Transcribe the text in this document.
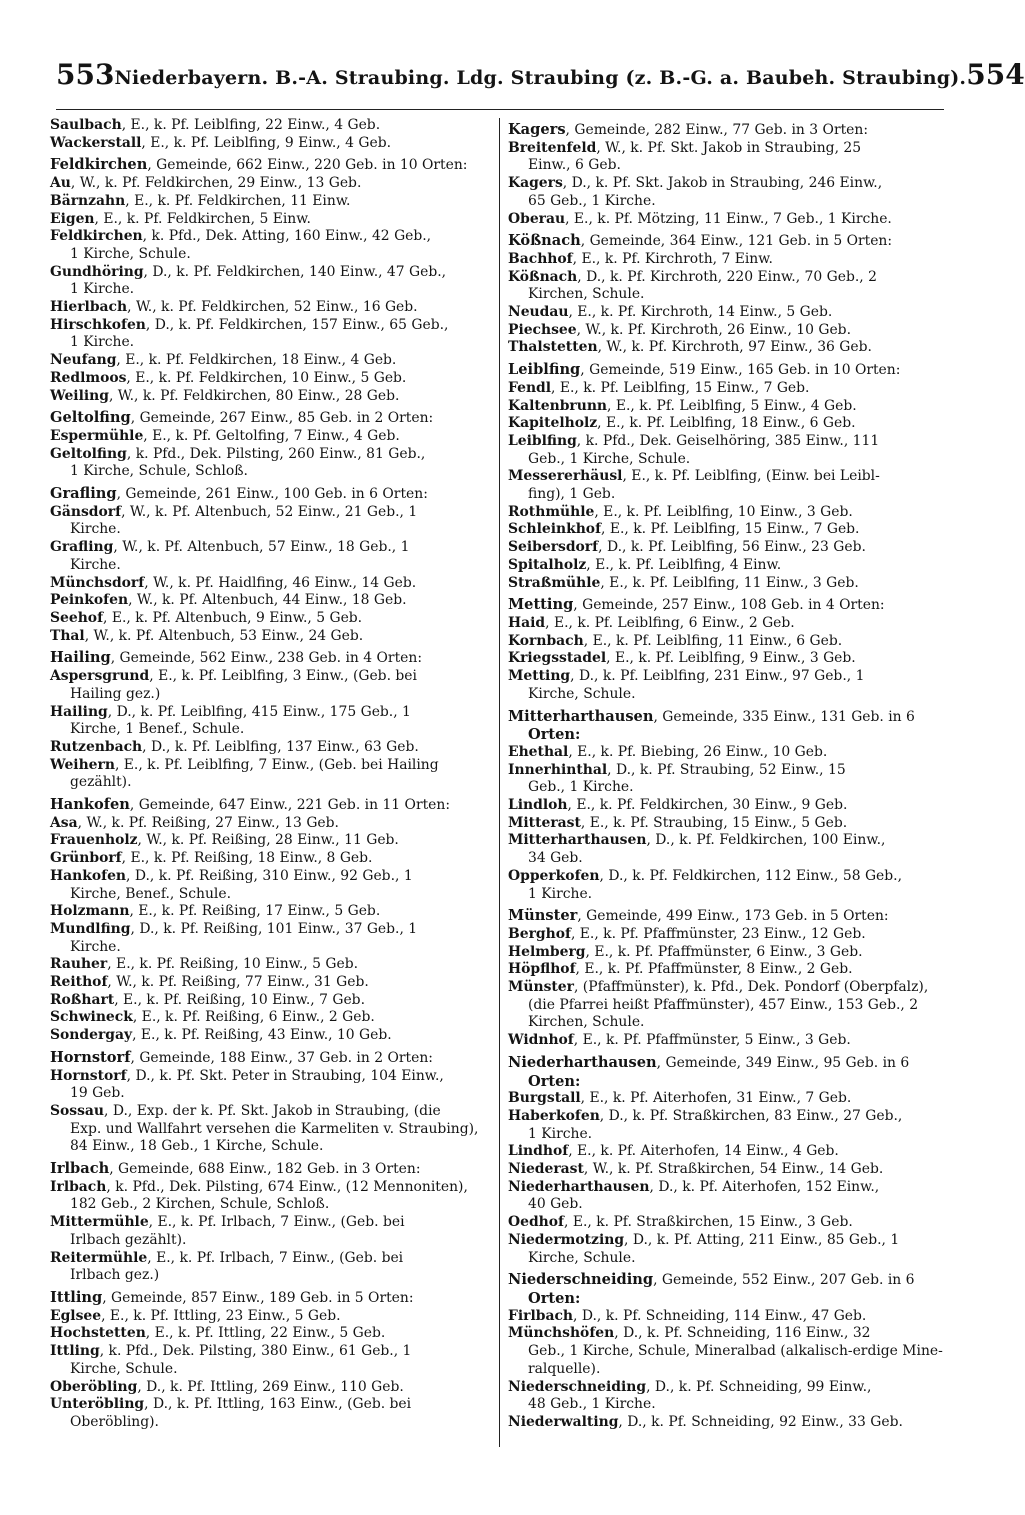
553 Niederbayern. B.-A. Straubing. Ldg. Straubing (z. B.-G. a. Baubeh. Straubing). 554
Saulbach, E., k. Pf. Leiblfing, 22 Einw., 4 Geb.
Wackerstall, E., k. Pf. Leiblfing, 9 Einw., 4 Geb.
Feldkirchen, Gemeinde, 662 Einw., 220 Geb. in 10 Orten:
Au, W., k. Pf. Feldkirchen, 29 Einw., 13 Geb.
Bärnzahn, E., k. Pf. Feldkirchen, 11 Einw.
Eigen, E., k. Pf. Feldkirchen, 5 Einw.
Feldkirchen, k. Pfd., Dek. Atting, 160 Einw., 42 Geb.,
1 Kirche, Schule.
Gundhöring, D., k. Pf. Feldkirchen, 140 Einw., 47 Geb.,
1 Kirche.
Hierlbach, W., k. Pf. Feldkirchen, 52 Einw., 16 Geb.
Hirschkofen, D., k. Pf. Feldkirchen, 157 Einw., 65 Geb.,
1 Kirche.
Neufang, E., k. Pf. Feldkirchen, 18 Einw., 4 Geb.
Redlmoos, E., k. Pf. Feldkirchen, 10 Einw., 5 Geb.
Weiling, W., k. Pf. Feldkirchen, 80 Einw., 28 Geb.
Geltolfing, Gemeinde, 267 Einw., 85 Geb. in 2 Orten:
Espermühle, E., k. Pf. Geltolfing, 7 Einw., 4 Geb.
Geltolfing, k. Pfd., Dek. Pilsting, 260 Einw., 81 Geb.,
1 Kirche, Schule, Schloß.
Grafling, Gemeinde, 261 Einw., 100 Geb. in 6 Orten:
Gänsdorf, W., k. Pf. Altenbuch, 52 Einw., 21 Geb., 1
Kirche.
Grafling, W., k. Pf. Altenbuch, 57 Einw., 18 Geb., 1
Kirche.
Münchsdorf, W., k. Pf. Haidlfing, 46 Einw., 14 Geb.
Peinkofen, W., k. Pf. Altenbuch, 44 Einw., 18 Geb.
Seehof, E., k. Pf. Altenbuch, 9 Einw., 5 Geb.
Thal, W., k. Pf. Altenbuch, 53 Einw., 24 Geb.
Hailing, Gemeinde, 562 Einw., 238 Geb. in 4 Orten:
Aspersgrund, E., k. Pf. Leiblfing, 3 Einw., (Geb. bei
Hailing gez.)
Hailing, D., k. Pf. Leiblfing, 415 Einw., 175 Geb., 1
Kirche, 1 Benef., Schule.
Rutzenbach, D., k. Pf. Leiblfing, 137 Einw., 63 Geb.
Weihern, E., k. Pf. Leiblfing, 7 Einw., (Geb. bei Hailing
gezählt).
Hankofen, Gemeinde, 647 Einw., 221 Geb. in 11 Orten:
Asa, W., k. Pf. Reißing, 27 Einw., 13 Geb.
Frauenholz, W., k. Pf. Reißing, 28 Einw., 11 Geb.
Grünborf, E., k. Pf. Reißing, 18 Einw., 8 Geb.
Hankofen, D., k. Pf. Reißing, 310 Einw., 92 Geb., 1
Kirche, Benef., Schule.
Holzmann, E., k. Pf. Reißing, 17 Einw., 5 Geb.
Mundlfing, D., k. Pf. Reißing, 101 Einw., 37 Geb., 1
Kirche.
Rauher, E., k. Pf. Reißing, 10 Einw., 5 Geb.
Reithof, W., k. Pf. Reißing, 77 Einw., 31 Geb.
Roßhart, E., k. Pf. Reißing, 10 Einw., 7 Geb.
Schwineck, E., k. Pf. Reißing, 6 Einw., 2 Geb.
Sondergay, E., k. Pf. Reißing, 43 Einw., 10 Geb.
Hornstorf, Gemeinde, 188 Einw., 37 Geb. in 2 Orten:
Hornstorf, D., k. Pf. Skt. Peter in Straubing, 104 Einw.,
19 Geb.
Sossau, D., Exp. der k. Pf. Skt. Jakob in Straubing, (die
Exp. und Wallfahrt versehen die Karmeliten v. Straubing),
84 Einw., 18 Geb., 1 Kirche, Schule.
Irlbach, Gemeinde, 688 Einw., 182 Geb. in 3 Orten:
Irlbach, k. Pfd., Dek. Pilsting, 674 Einw., (12 Mennoniten),
182 Geb., 2 Kirchen, Schule, Schloß.
Mittermühle, E., k. Pf. Irlbach, 7 Einw., (Geb. bei
Irlbach gezählt).
Reitermühle, E., k. Pf. Irlbach, 7 Einw., (Geb. bei
Irlbach gez.)
Ittling, Gemeinde, 857 Einw., 189 Geb. in 5 Orten:
Eglsee, E., k. Pf. Ittling, 23 Einw., 5 Geb.
Hochstetten, E., k. Pf. Ittling, 22 Einw., 5 Geb.
Ittling, k. Pfd., Dek. Pilsting, 380 Einw., 61 Geb., 1
Kirche, Schule.
Oberöbling, D., k. Pf. Ittling, 269 Einw., 110 Geb.
Unteröbling, D., k. Pf. Ittling, 163 Einw., (Geb. bei
Oberöbling).
Kagers, Gemeinde, 282 Einw., 77 Geb. in 3 Orten:
Breitenfeld, W., k. Pf. Skt. Jakob in Straubing, 25
Einw., 6 Geb.
Kagers, D., k. Pf. Skt. Jakob in Straubing, 246 Einw.,
65 Geb., 1 Kirche.
Oberau, E., k. Pf. Mötzing, 11 Einw., 7 Geb., 1 Kirche.
Kößnach, Gemeinde, 364 Einw., 121 Geb. in 5 Orten:
Bachhof, E., k. Pf. Kirchroth, 7 Einw.
Kößnach, D., k. Pf. Kirchroth, 220 Einw., 70 Geb., 2
Kirchen, Schule.
Neudau, E., k. Pf. Kirchroth, 14 Einw., 5 Geb.
Piechsee, W., k. Pf. Kirchroth, 26 Einw., 10 Geb.
Thalstetten, W., k. Pf. Kirchroth, 97 Einw., 36 Geb.
Leiblfing, Gemeinde, 519 Einw., 165 Geb. in 10 Orten:
Fendl, E., k. Pf. Leiblfing, 15 Einw., 7 Geb.
Kaltenbrunn, E., k. Pf. Leiblfing, 5 Einw., 4 Geb.
Kapitelholz, E., k. Pf. Leiblfing, 18 Einw., 6 Geb.
Leiblfing, k. Pfd., Dek. Geiselhöring, 385 Einw., 111
Geb., 1 Kirche, Schule.
Messererhäusl, E., k. Pf. Leiblfing, (Einw. bei Leibl-
fing), 1 Geb.
Rothmühle, E., k. Pf. Leiblfing, 10 Einw., 3 Geb.
Schleinkhof, E., k. Pf. Leiblfing, 15 Einw., 7 Geb.
Seibersdorf, D., k. Pf. Leiblfing, 56 Einw., 23 Geb.
Spitalholz, E., k. Pf. Leiblfing, 4 Einw.
Straßmühle, E., k. Pf. Leiblfing, 11 Einw., 3 Geb.
Metting, Gemeinde, 257 Einw., 108 Geb. in 4 Orten:
Haid, E., k. Pf. Leiblfing, 6 Einw., 2 Geb.
Kornbach, E., k. Pf. Leiblfing, 11 Einw., 6 Geb.
Kriegsstadel, E., k. Pf. Leiblfing, 9 Einw., 3 Geb.
Metting, D., k. Pf. Leiblfing, 231 Einw., 97 Geb., 1
Kirche, Schule.
Mitterharthausen, Gemeinde, 335 Einw., 131 Geb. in 6
Orten:
Ehethal, E., k. Pf. Biebing, 26 Einw., 10 Geb.
Innerhinthal, D., k. Pf. Straubing, 52 Einw., 15
Geb., 1 Kirche.
Lindloh, E., k. Pf. Feldkirchen, 30 Einw., 9 Geb.
Mitterast, E., k. Pf. Straubing, 15 Einw., 5 Geb.
Mitterharthausen, D., k. Pf. Feldkirchen, 100 Einw.,
34 Geb.
Opperkofen, D., k. Pf. Feldkirchen, 112 Einw., 58 Geb.,
1 Kirche.
Münster, Gemeinde, 499 Einw., 173 Geb. in 5 Orten:
Berghof, E., k. Pf. Pfaffmünster, 23 Einw., 12 Geb.
Helmberg, E., k. Pf. Pfaffmünster, 6 Einw., 3 Geb.
Höpflhof, E., k. Pf. Pfaffmünster, 8 Einw., 2 Geb.
Münster, (Pfaffmünster), k. Pfd., Dek. Pondorf (Oberpfalz),
(die Pfarrei heißt Pfaffmünster), 457 Einw., 153 Geb., 2
Kirchen, Schule.
Widnhof, E., k. Pf. Pfaffmünster, 5 Einw., 3 Geb.
Niederharthausen, Gemeinde, 349 Einw., 95 Geb. in 6
Orten:
Burgstall, E., k. Pf. Aiterhofen, 31 Einw., 7 Geb.
Haberkofen, D., k. Pf. Straßkirchen, 83 Einw., 27 Geb.,
1 Kirche.
Lindhof, E., k. Pf. Aiterhofen, 14 Einw., 4 Geb.
Niederast, W., k. Pf. Straßkirchen, 54 Einw., 14 Geb.
Niederharthausen, D., k. Pf. Aiterhofen, 152 Einw.,
40 Geb.
Oedhof, E., k. Pf. Straßkirchen, 15 Einw., 3 Geb.
Niedermotzing, D., k. Pf. Atting, 211 Einw., 85 Geb., 1
Kirche, Schule.
Niederschneiding, Gemeinde, 552 Einw., 207 Geb. in 6
Orten:
Firlbach, D., k. Pf. Schneiding, 114 Einw., 47 Geb.
Münchshöfen, D., k. Pf. Schneiding, 116 Einw., 32
Geb., 1 Kirche, Schule, Mineralbad (alkalisch-erdige Mine-
ralquelle).
Niederschneiding, D., k. Pf. Schneiding, 99 Einw.,
48 Geb., 1 Kirche.
Niederwalting, D., k. Pf. Schneiding, 92 Einw., 33 Geb.
